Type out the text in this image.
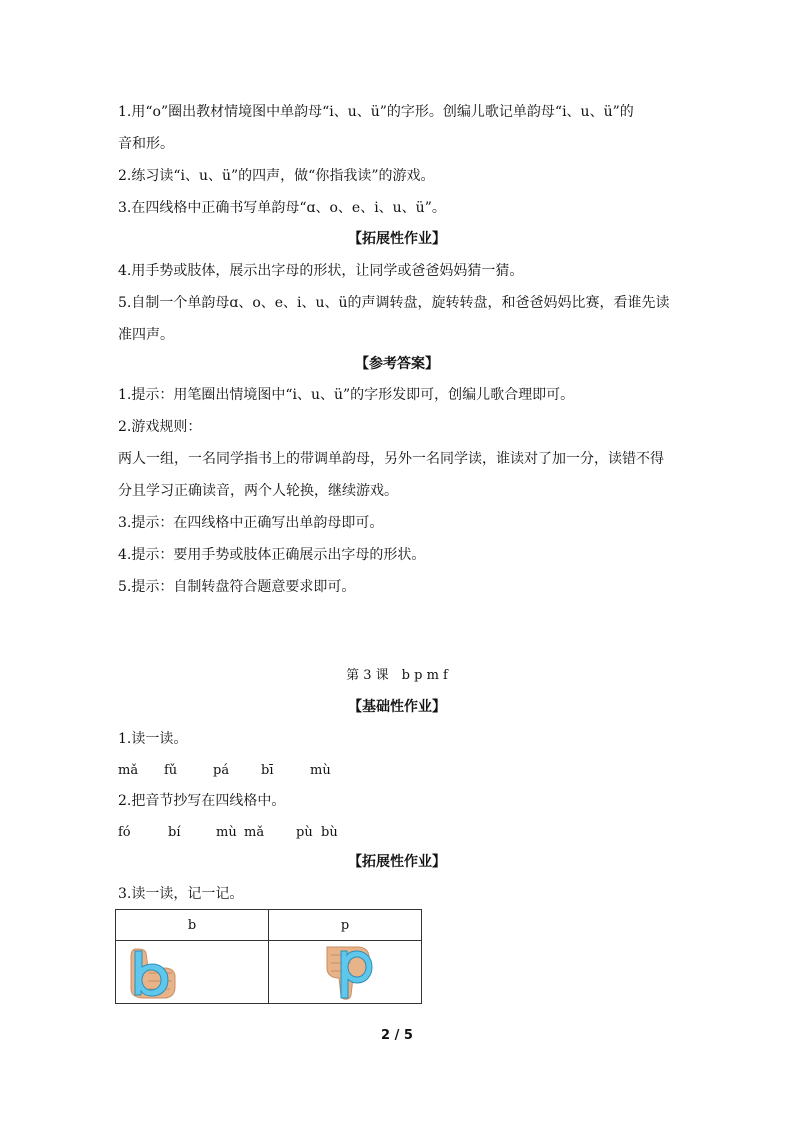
1.用“o”圈出教材情境图中单韵母“i、u、ü”的字形。创编儿歌记单韵母“i、u、ü”的
音和形。
2.练习读“i、u、ü”的四声，做“你指我读”的游戏。
3.在四线格中正确书写单韵母“ɑ、o、e、i、u、ü”。
【拓展性作业】
4.用手势或肢体，展示出字母的形状，让同学或爸爸妈妈猜一猜。
5.自制一个单韵母ɑ、o、e、i、u、ü的声调转盘，旋转转盘，和爸爸妈妈比赛，看谁先读
准四声。
【参考答案】
1.提示：用笔圈出情境图中“i、u、ü”的字形发即可，创编儿歌合理即可。
2.游戏规则：
两人一组，一名同学指书上的带调单韵母，另外一名同学读，谁读对了加一分，读错不得
分且学习正确读音，两个人轮换，继续游戏。
3.提示：在四线格中正确写出单韵母即可。
4.提示：要用手势或肢体正确展示出字母的形状。
5.提示：自制转盘符合题意要求即可。
第 3 课　b p m f
【基础性作业】
1.读一读。
mǎ fǔ	pá bī	mù
2.把音节抄写在四线格中。
fó	bí	mù mǎ pù bù
【拓展性作业】
3.读一读，记一记。
b	p

2 / 5
